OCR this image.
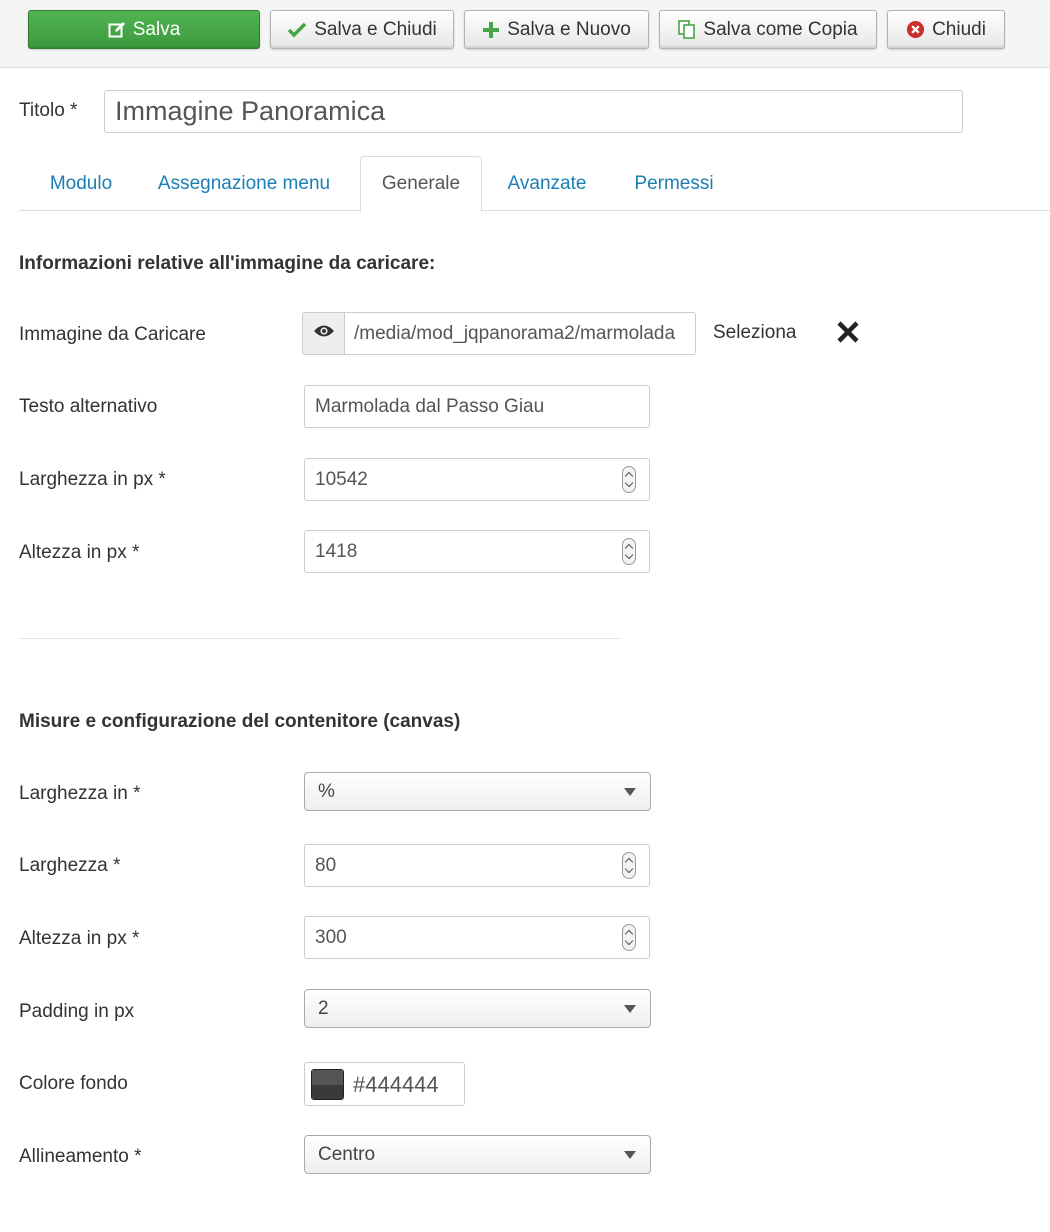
Salva	Salva e Chiudi	Salva e Nuovo	Salva come Copia	Chiudi
Titolo *
Immagine Panoramica
Modulo	Assegnazione menu	Generale	Avanzate	Permessi
Informazioni relative all'immagine da caricare:
Immagine da Caricare	/media/mod_jqpanorama2/marmolada	Seleziona
Testo alternativo	Marmolada dal Passo Giau
Larghezza in px *	10542
Altezza in px *	1418
Misure e configurazione del contenitore (canvas)
Larghezza in *	%
Larghezza *	80
Altezza in px *	300
Padding in px	2
Colore fondo	#444444
Allineamento *	Centro
